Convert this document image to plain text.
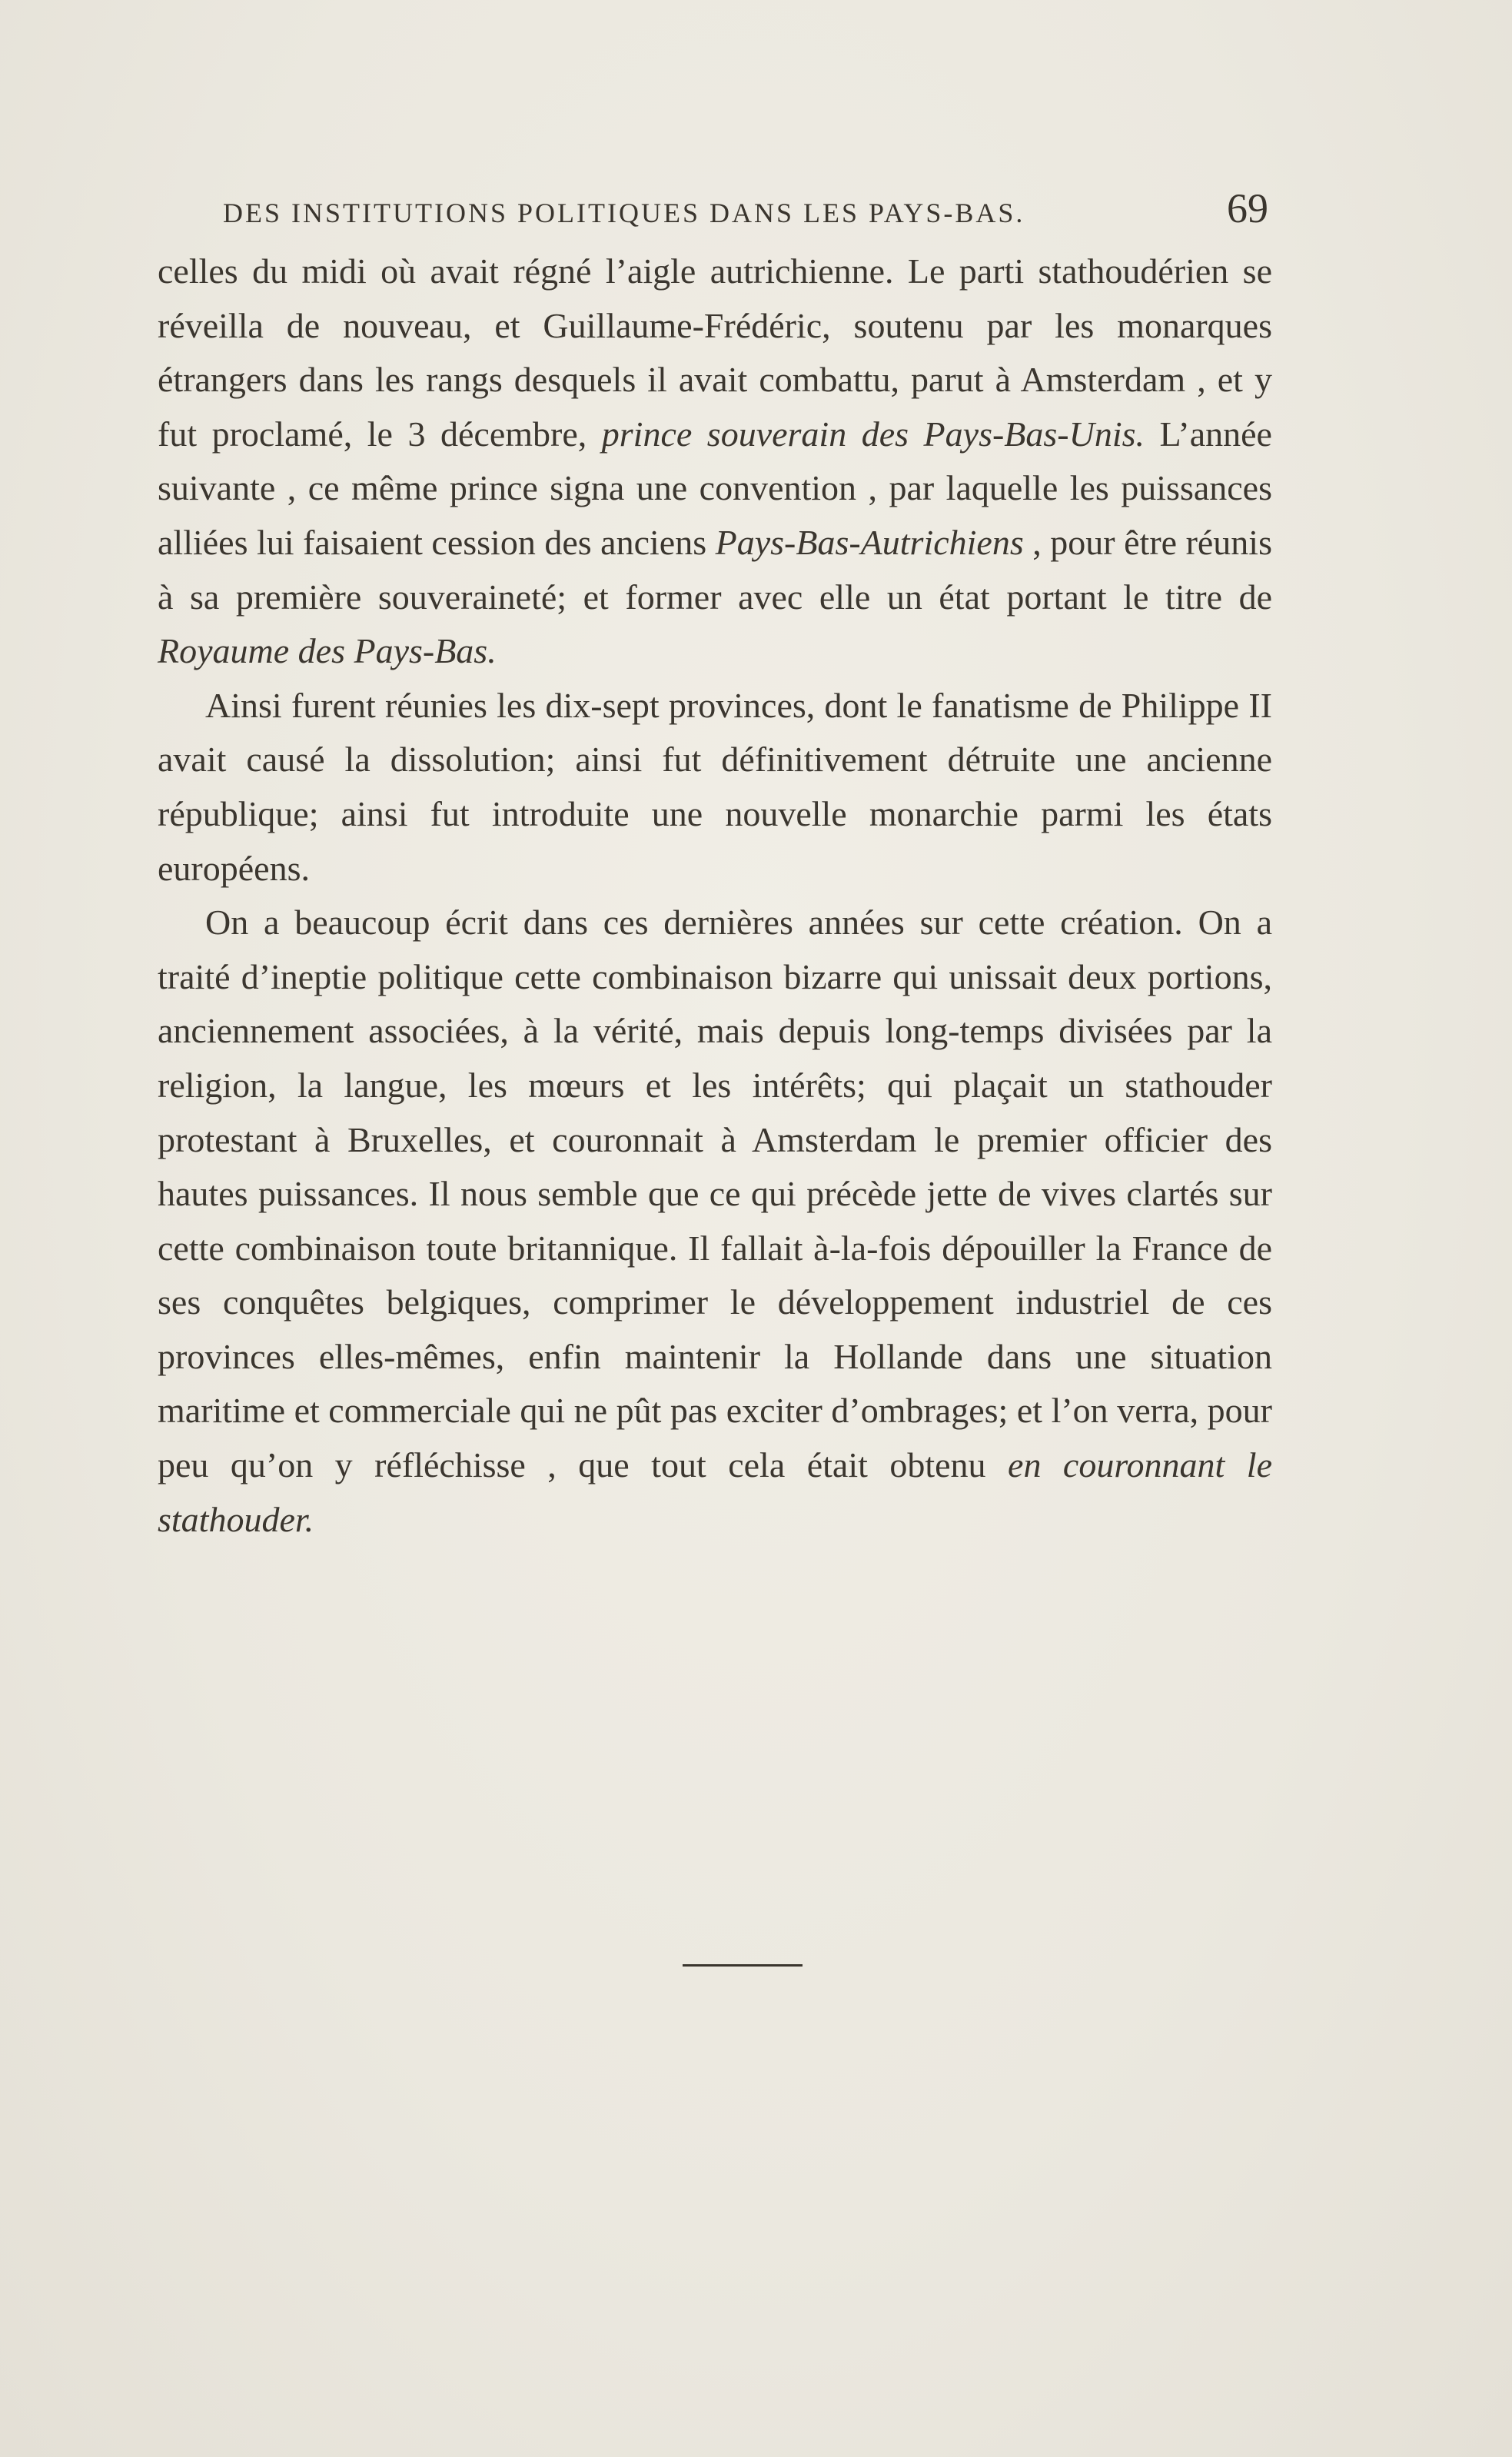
DES INSTITUTIONS POLITIQUES DANS LES PAYS-BAS.	69

celles du midi où avait régné l’aigle autrichienne. Le parti stathoudérien se réveilla de nouveau, et Guillaume-Frédéric, soutenu par les monarques étrangers dans les rangs desquels il avait combattu, parut à Amsterdam , et y fut proclamé, le 3 décembre, prince souverain des Pays-Bas-Unis. L’année suivante , ce même prince signa une convention , par laquelle les puissances alliées lui faisaient cession des anciens Pays-Bas-Autrichiens , pour être réunis à sa première souveraineté; et former avec elle un état portant le titre de Royaume des Pays-Bas.

Ainsi furent réunies les dix-sept provinces, dont le fanatisme de Philippe II avait causé la dissolution; ainsi fut définitivement détruite une ancienne république; ainsi fut introduite une nouvelle monarchie parmi les états européens.

On a beaucoup écrit dans ces dernières années sur cette création. On a traité d’ineptie politique cette combinaison bizarre qui unissait deux portions, anciennement associées, à la vérité, mais depuis long-temps divisées par la religion, la langue, les mœurs et les intérêts; qui plaçait un stathouder protestant à Bruxelles, et couronnait à Amsterdam le premier officier des hautes puissances. Il nous semble que ce qui précède jette de vives clartés sur cette combinaison toute britannique. Il fallait à-la-fois dépouiller la France de ses conquêtes belgiques, comprimer le développement industriel de ces provinces elles-mêmes, enfin maintenir la Hollande dans une situation maritime et commerciale qui ne pût pas exciter d’ombrages; et l’on verra, pour peu qu’on y réfléchisse , que tout cela était obtenu en couronnant le stathouder.
